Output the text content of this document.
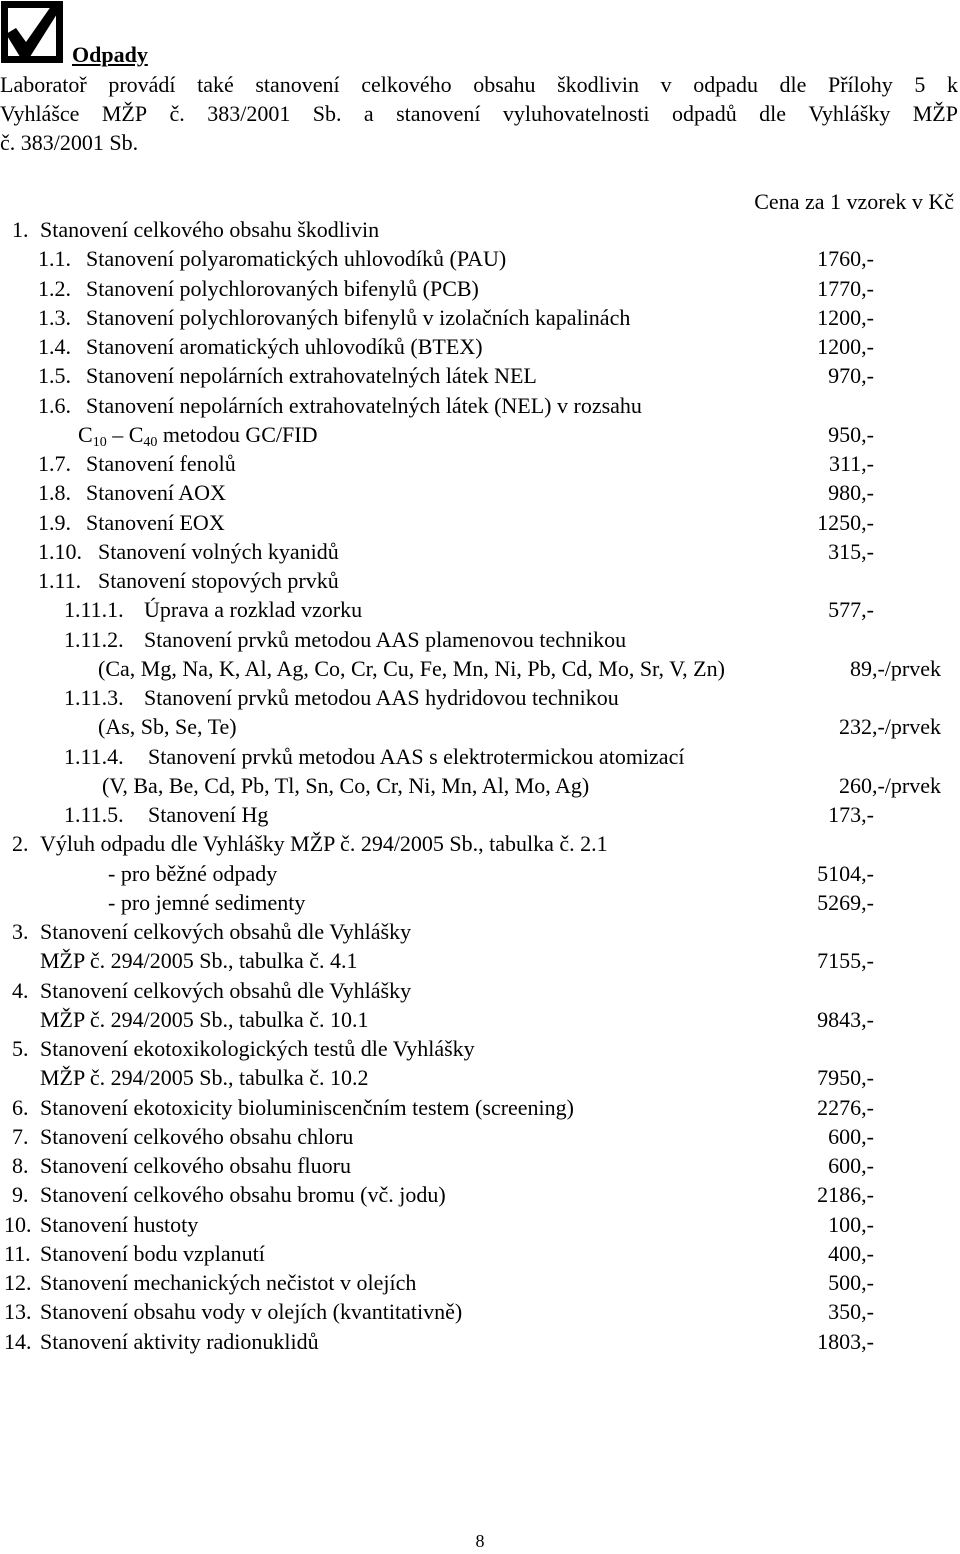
Odpady
Laboratoř provádí také stanovení celkového obsahu škodlivin v odpadu dle Přílohy 5 k
Vyhlášce MŽP č. 383/2001 Sb. a stanovení vyluhovatelnosti odpadů dle Vyhlášky MŽP
č. 383/2001 Sb.
Cena za 1 vzorek v Kč
1. Stanovení celkového obsahu škodlivin
1.1. Stanovení polyaromatických uhlovodíků (PAU)	1760,-
1.2. Stanovení polychlorovaných bifenylů (PCB)	1770,-
1.3. Stanovení polychlorovaných bifenylů v izolačních kapalinách	1200,-
1.4. Stanovení aromatických uhlovodíků (BTEX)	1200,-
1.5. Stanovení nepolárních extrahovatelných látek NEL	970,-
1.6. Stanovení nepolárních extrahovatelných látek (NEL) v rozsahu
$C_{10} - C_{40}$ metodou GC/FID	950,-
1.7. Stanovení fenolů	311,-
1.8. Stanovení AOX	980,-
1.9. Stanovení EOX	1250,-
1.10. Stanovení volných kyanidů	315,-
1.11. Stanovení stopových prvků
1.11.1. Úprava a rozklad vzorku	577,-
1.11.2. Stanovení prvků metodou AAS plamenovou technikou
(Ca, Mg, Na, K, Al, Ag, Co, Cr, Cu, Fe, Mn, Ni, Pb, Cd, Mo, Sr, V, Zn)	89,-/prvek
1.11.3. Stanovení prvků metodou AAS hydridovou technikou
(As, Sb, Se, Te)	232,-/prvek
1.11.4. Stanovení prvků metodou AAS s elektrotermickou atomizací
(V, Ba, Be, Cd, Pb, Tl, Sn, Co, Cr, Ni, Mn, Al, Mo, Ag)	260,-/prvek
1.11.5. Stanovení Hg	173,-
2. Výluh odpadu dle Vyhlášky MŽP č. 294/2005 Sb., tabulka č. 2.1
- pro běžné odpady	5104,-
- pro jemné sedimenty	5269,-
3. Stanovení celkových obsahů dle Vyhlášky
MŽP č. 294/2005 Sb., tabulka č. 4.1	7155,-
4. Stanovení celkových obsahů dle Vyhlášky
MŽP č. 294/2005 Sb., tabulka č. 10.1	9843,-
5. Stanovení ekotoxikologických testů dle Vyhlášky
MŽP č. 294/2005 Sb., tabulka č. 10.2	7950,-
6. Stanovení ekotoxicity bioluminiscenčním testem (screening)	2276,-
7. Stanovení celkového obsahu chloru	600,-
8. Stanovení celkového obsahu fluoru	600,-
9. Stanovení celkového obsahu bromu (vč. jodu)	2186,-
10. Stanovení hustoty	100,-
11. Stanovení bodu vzplanutí	400,-
12. Stanovení mechanických nečistot v olejích	500,-
13. Stanovení obsahu vody v olejích (kvantitativně)	350,-
14. Stanovení aktivity radionuklidů	1803,-
8
